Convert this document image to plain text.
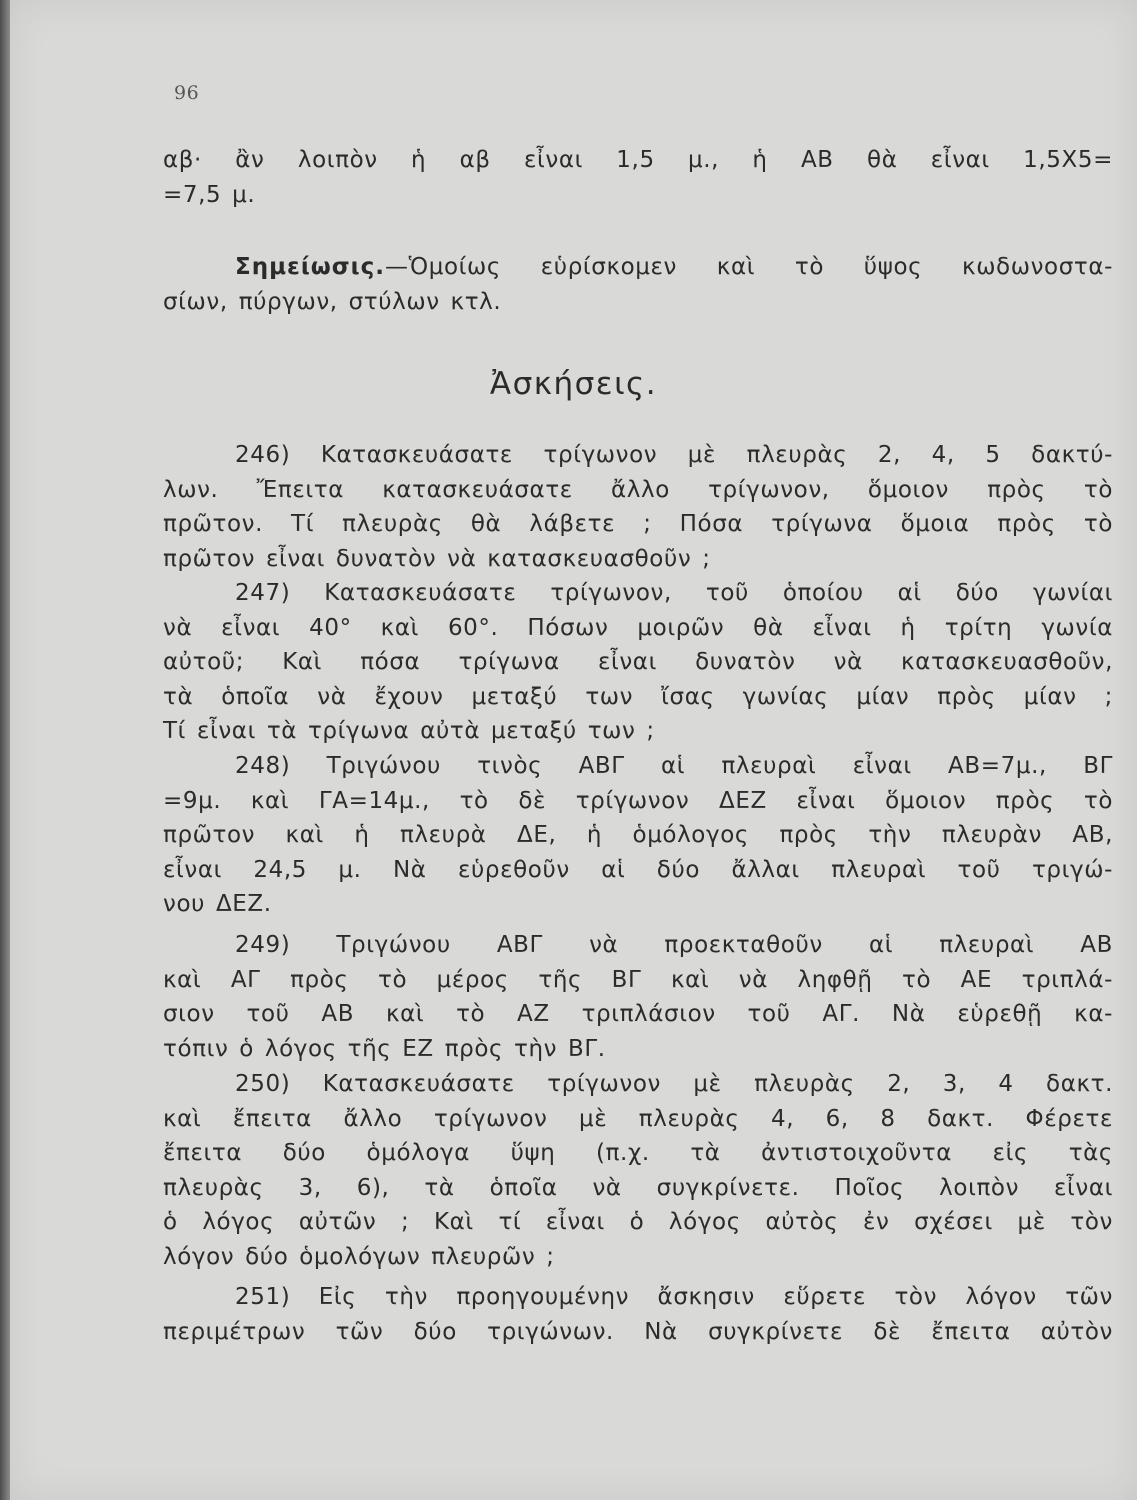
96
αβ· ἂν λοιπὸν ἡ αβ εἶναι 1,5 μ., ἡ ΑΒ θὰ εἶναι 1,5Χ5=
=7,5 μ.
Σημείωσις.—Ὁμοίως εὑρίσκομεν καὶ τὸ ὕψος κωδωνοστα-
σίων, πύργων, στύλων κτλ.
Ἀσκήσεις.
246) Κατασκευάσατε τρίγωνον μὲ πλευρὰς 2, 4, 5 δακτύ-
λων. Ἔπειτα κατασκευάσατε ἄλλο τρίγωνον, ὅμοιον πρὸς τὸ
πρῶτον. Τί πλευρὰς θὰ λάβετε ; Πόσα τρίγωνα ὅμοια πρὸς τὸ
πρῶτον εἶναι δυνατὸν νὰ κατασκευασθοῦν ;
247) Κατασκευάσατε τρίγωνον, τοῦ ὁποίου αἱ δύο γωνίαι
νὰ εἶναι 40° καὶ 60°. Πόσων μοιρῶν θὰ εἶναι ἡ τρίτη γωνία
αὐτοῦ; Καὶ πόσα τρίγωνα εἶναι δυνατὸν νὰ κατασκευασθοῦν,
τὰ ὁποῖα νὰ ἔχουν μεταξύ των ἴσας γωνίας μίαν πρὸς μίαν ;
Τί εἶναι τὰ τρίγωνα αὐτὰ μεταξύ των ;
248) Τριγώνου τινὸς ΑΒΓ αἱ πλευραὶ εἶναι ΑΒ=7μ., ΒΓ
=9μ. καὶ ΓΑ=14μ., τὸ δὲ τρίγωνον ΔΕΖ εἶναι ὅμοιον πρὸς τὸ
πρῶτον καὶ ἡ πλευρὰ ΔΕ, ἡ ὁμόλογος πρὸς τὴν πλευρὰν ΑΒ,
εἶναι 24,5 μ. Νὰ εὑρεθοῦν αἱ δύο ἄλλαι πλευραὶ τοῦ τριγώ-
νου ΔΕΖ.
249) Τριγώνου ΑΒΓ νὰ προεκταθοῦν αἱ πλευραὶ ΑΒ
καὶ ΑΓ πρὸς τὸ μέρος τῆς ΒΓ καὶ νὰ ληφθῇ τὸ ΑΕ τριπλά-
σιον τοῦ ΑΒ καὶ τὸ ΑΖ τριπλάσιον τοῦ ΑΓ. Νὰ εὑρεθῇ κα-
τόπιν ὁ λόγος τῆς ΕΖ πρὸς τὴν ΒΓ.
250) Κατασκευάσατε τρίγωνον μὲ πλευρὰς 2, 3, 4 δακτ.
καὶ ἔπειτα ἄλλο τρίγωνον μὲ πλευρὰς 4, 6, 8 δακτ. Φέρετε
ἔπειτα δύο ὁμόλογα ὕψη (π.χ. τὰ ἀντιστοιχοῦντα εἰς τὰς
πλευρὰς 3, 6), τὰ ὁποῖα νὰ συγκρίνετε. Ποῖος λοιπὸν εἶναι
ὁ λόγος αὐτῶν ; Καὶ τί εἶναι ὁ λόγος αὐτὸς ἐν σχέσει μὲ τὸν
λόγον δύο ὁμολόγων πλευρῶν ;
251) Εἰς τὴν προηγουμένην ἄσκησιν εὕρετε τὸν λόγον τῶν
περιμέτρων τῶν δύο τριγώνων. Νὰ συγκρίνετε δὲ ἔπειτα αὐτὸν
